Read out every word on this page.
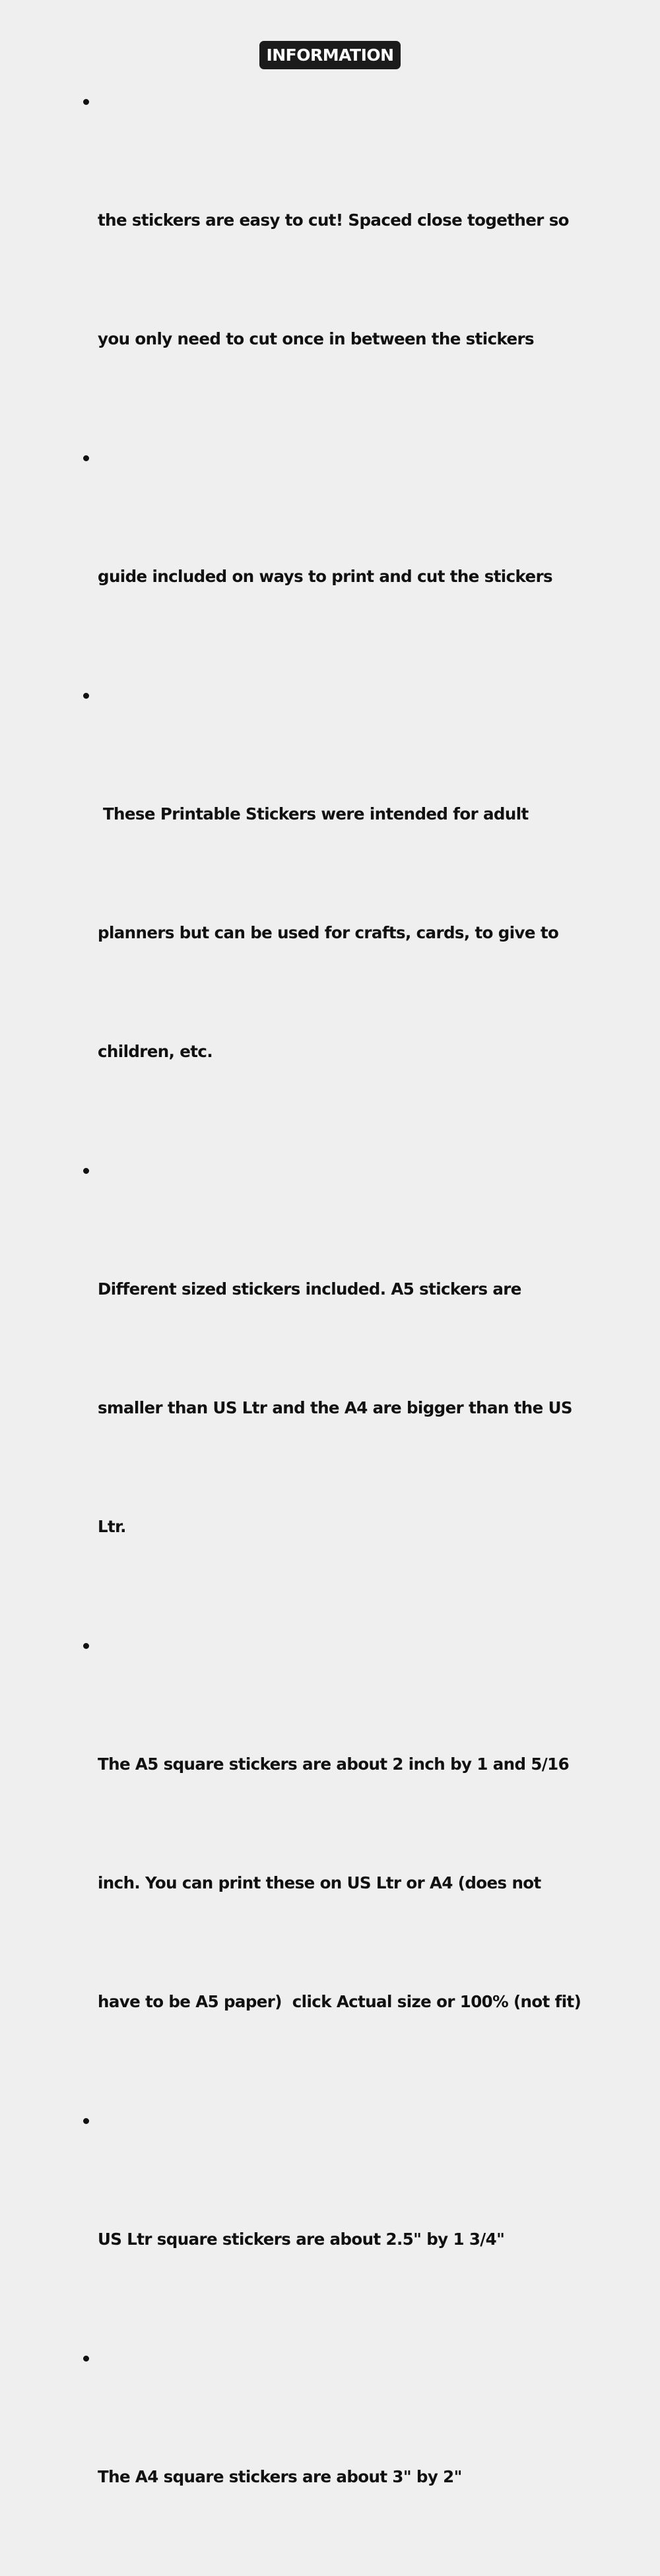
INFORMATION

the stickers are easy to cut! Spaced close together so

you only need to cut once in between the stickers

guide included on ways to print and cut the stickers

These Printable Stickers were intended for adult

planners but can be used for crafts, cards, to give to

children, etc.

Different sized stickers included. A5 stickers are

smaller than US Ltr and the A4 are bigger than the US

Ltr.

The A5 square stickers are about 2 inch by 1 and 5/16

inch. You can print these on US Ltr or A4 (does not

have to be A5 paper)  click Actual size or 100% (not fit)

US Ltr square stickers are about 2.5" by 1 3/4"

The A4 square stickers are about 3" by 2"
